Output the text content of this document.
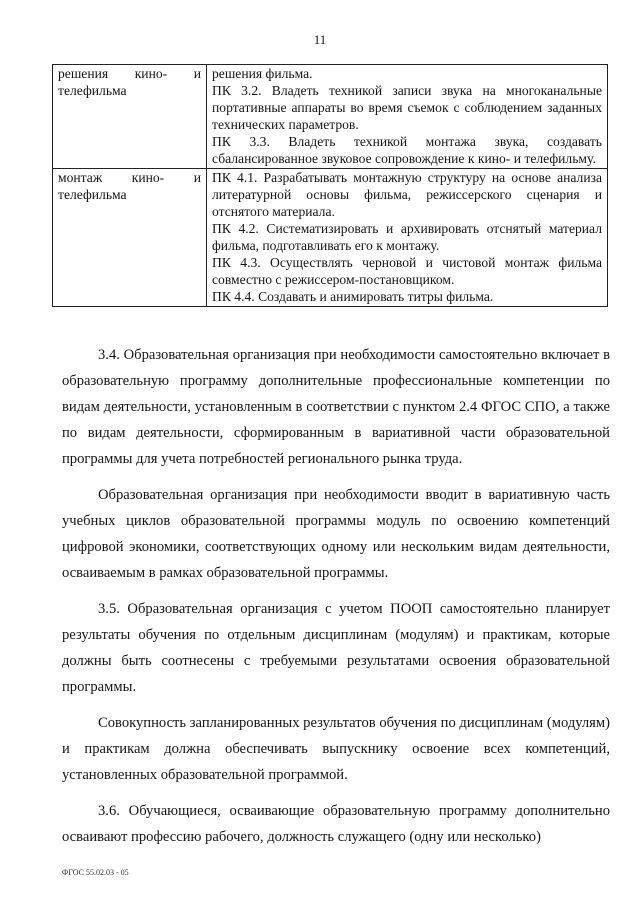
11
решения кино- и телефильма	решения фильма.
ПК 3.2. Владеть техникой записи звука на многоканальные портативные аппараты во время съемок с соблюдением заданных технических параметров.
ПК 3.3. Владеть техникой монтажа звука, создавать сбалансированное звуковое сопровождение к кино- и телефильму.

монтаж кино- и телефильма	ПК 4.1. Разрабатывать монтажную структуру на основе анализа литературной основы фильма, режиссерского сценария и отснятого материала.
ПК 4.2. Систематизировать и архивировать отснятый материал фильма, подготавливать его к монтажу.
ПК 4.3. Осуществлять черновой и чистовой монтаж фильма совместно с режиссером-постановщиком.
ПК 4.4. Создавать и анимировать титры фильма.

3.4. Образовательная организация при необходимости самостоятельно включает в образовательную программу дополнительные профессиональные компетенции по видам деятельности, установленным в соответствии с пунктом 2.4 ФГОС СПО, а также по видам деятельности, сформированным в вариативной части образовательной программы для учета потребностей регионального рынка труда.

Образовательная организация при необходимости вводит в вариативную часть учебных циклов образовательной программы модуль по освоению компетенций цифровой экономики, соответствующих одному или нескольким видам деятельности, осваиваемым в рамках образовательной программы.

3.5. Образовательная организация с учетом ПООП самостоятельно планирует результаты обучения по отдельным дисциплинам (модулям) и практикам, которые должны быть соотнесены с требуемыми результатами освоения образовательной программы.

Совокупность запланированных результатов обучения по дисциплинам (модулям) и практикам должна обеспечивать выпускнику освоение всех компетенций, установленных образовательной программой.

3.6. Обучающиеся, осваивающие образовательную программу дополнительно осваивают профессию рабочего, должность служащего (одну или несколько)

ФГОС 55.02.03 - 05
